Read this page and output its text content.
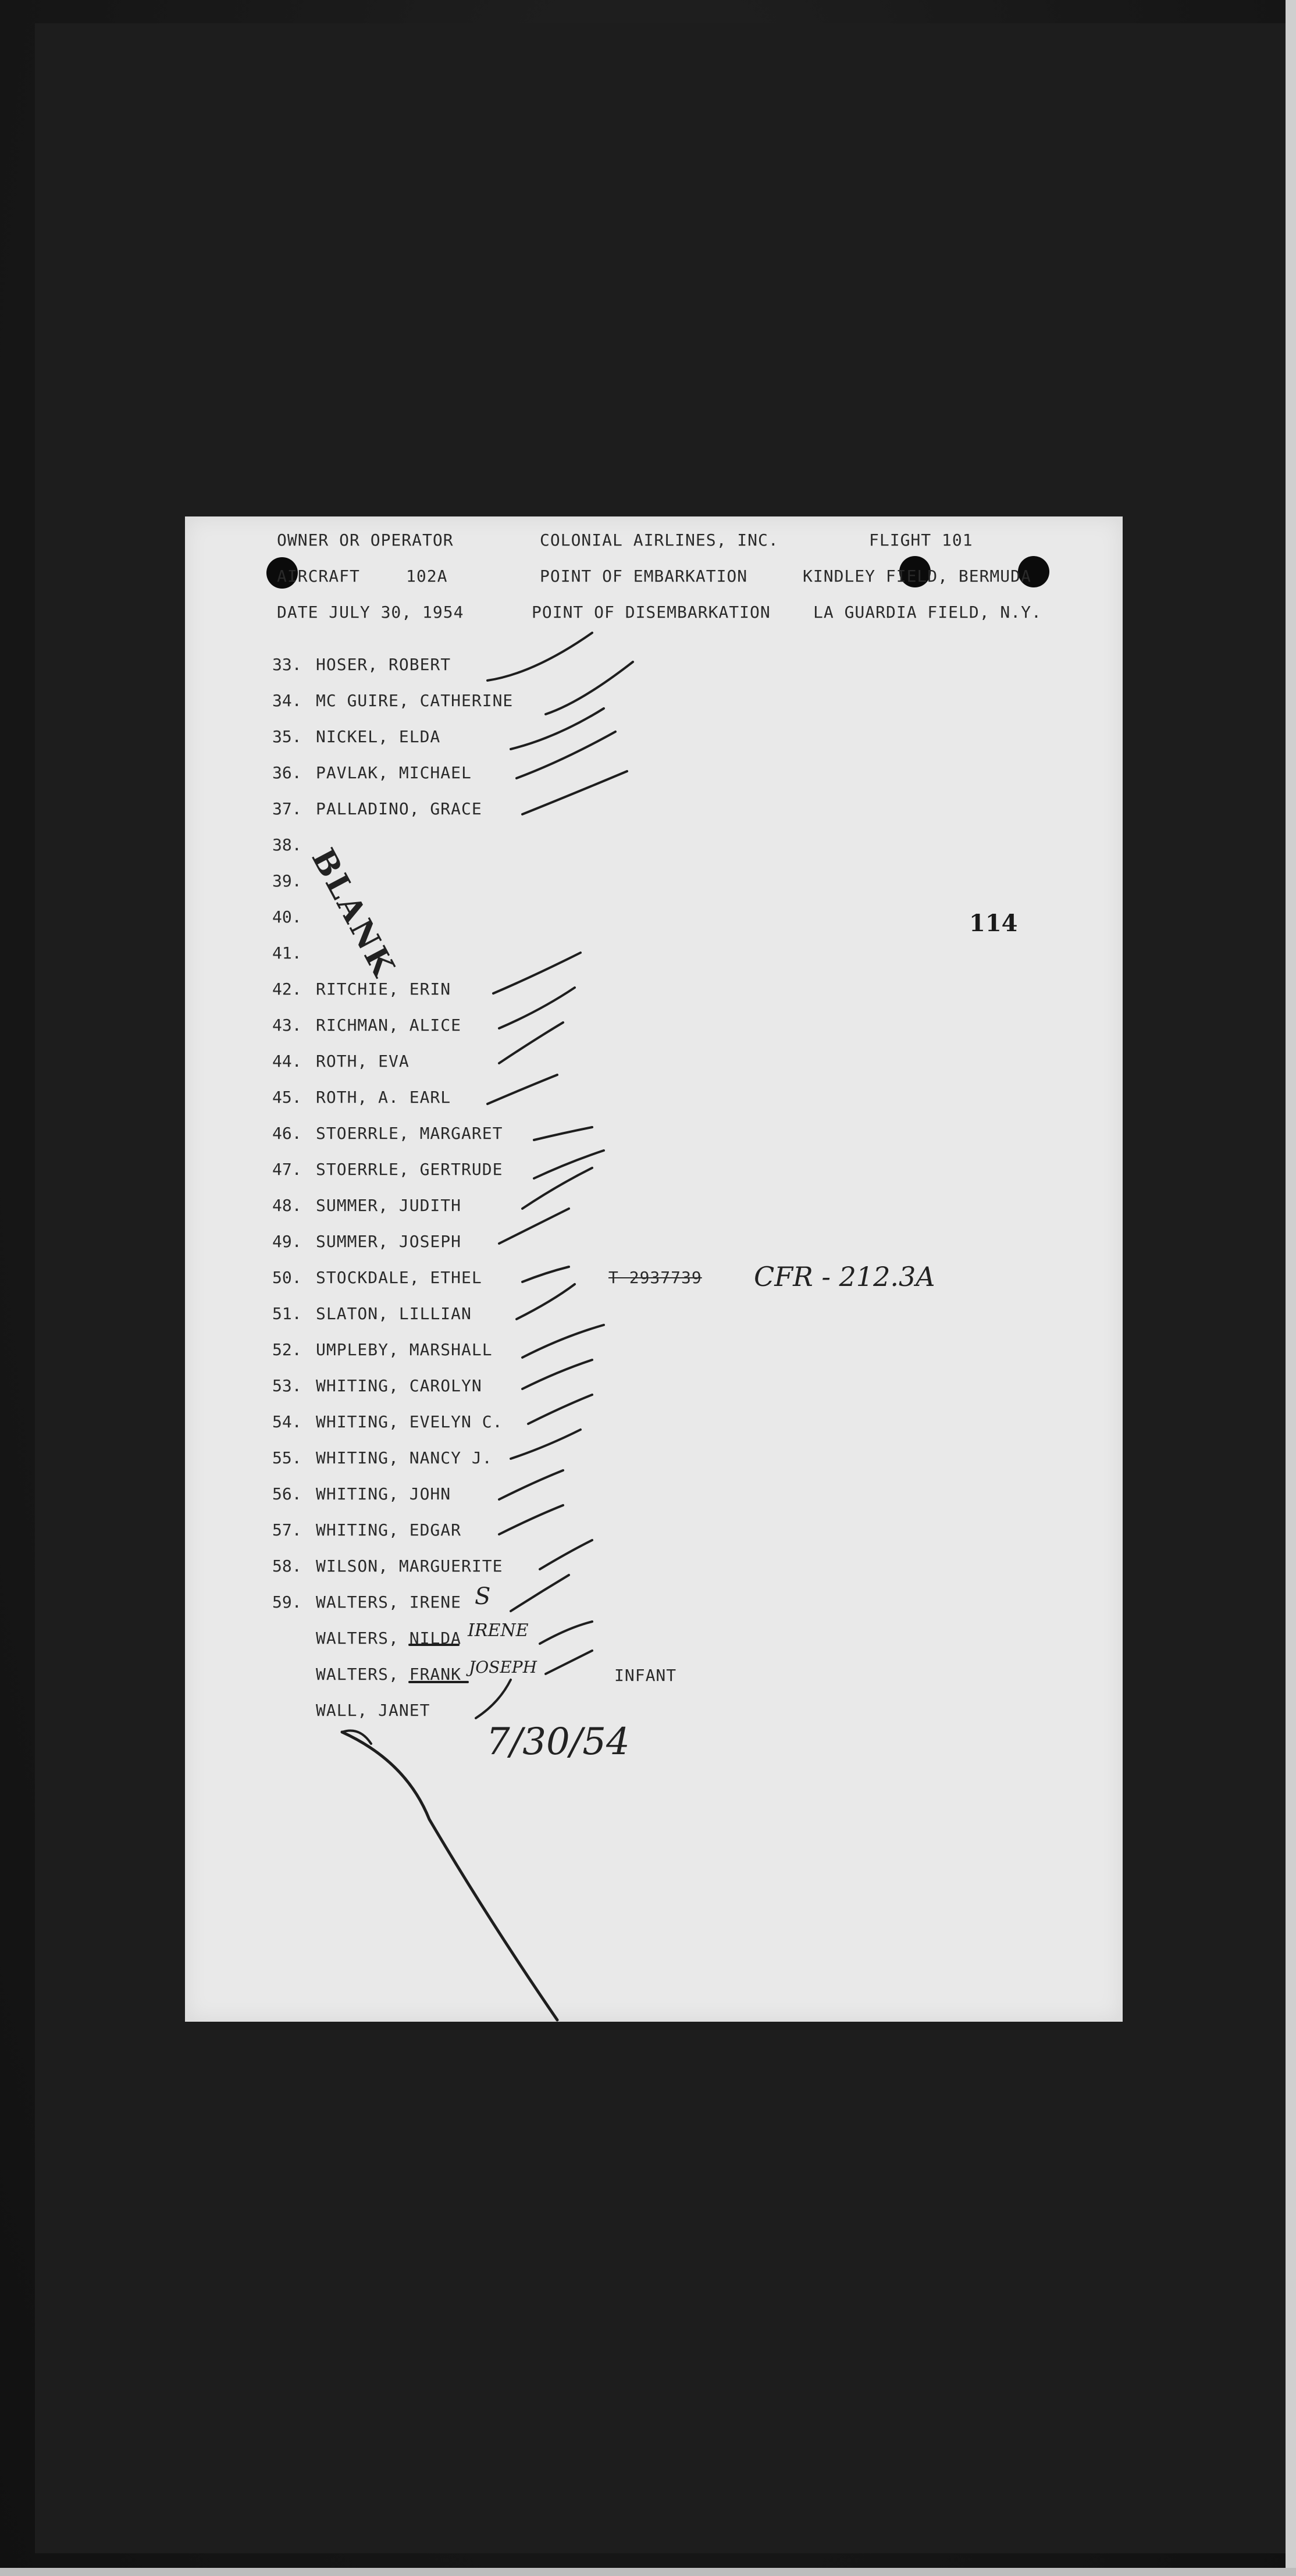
OWNER OR OPERATOR	COLONIAL AIRLINES, INC.	FLIGHT 101
AIRCRAFT	102A	POINT OF EMBARKATION	KINDLEY FIELD, BERMUDA
DATE JULY 30, 1954	POINT OF DISEMBARKATION	LA GUARDIA FIELD, N.Y.
114
33. HOSER, ROBERT
34. MC GUIRE, CATHERINE
35. NICKEL, ELDA
36. PAVLAK, MICHAEL
37. PALLADINO, GRACE
38.
39.
40.
41.
42. RITCHIE, ERIN
43. RICHMAN, ALICE
44. ROTH, EVA
45. ROTH, A. EARL
46. STOERRLE, MARGARET
47. STOERRLE, GERTRUDE
48. SUMMER, JUDITH
49. SUMMER, JOSEPH
50. STOCKDALE, ETHEL
51. SLATON, LILLIAN
52. UMPLEBY, MARSHALL
53. WHITING, CAROLYN
54. WHITING, EVELYN C.
55. WHITING, NANCY J.
56. WHITING, JOHN
57. WHITING, EDGAR
58. WILSON, MARGUERITE
59. WALTERS, IRENE
WALTERS, NILDA
WALTERS, FRANK
WALL, JANET
BLANK
T 2937739 CFR - 212.3A
S
IRENE
JOSEPH	INFANT
7/30/54
